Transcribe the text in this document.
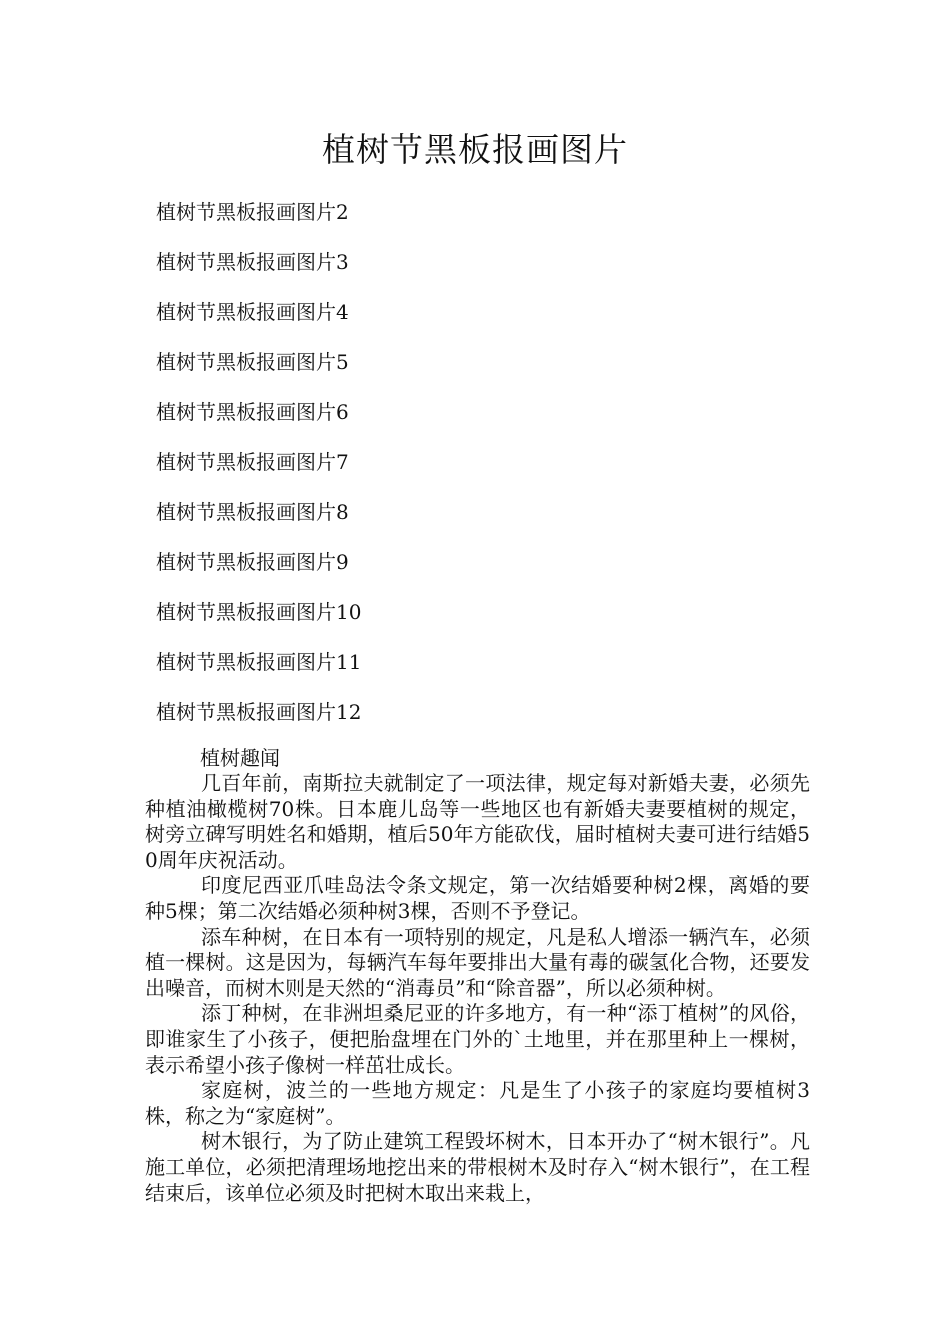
植树节黑板报画图片
植树节黑板报画图片2
植树节黑板报画图片3
植树节黑板报画图片4
植树节黑板报画图片5
植树节黑板报画图片6
植树节黑板报画图片7
植树节黑板报画图片8
植树节黑板报画图片9
植树节黑板报画图片10
植树节黑板报画图片11
植树节黑板报画图片12
植树趣闻

几百年前，南斯拉夫就制定了一项法律，规定每对新婚夫妻，必须先种植油橄榄树70株。日本鹿儿岛等一些地区也有新婚夫妻要植树的规定，树旁立碑写明姓名和婚期，植后50年方能砍伐，届时植树夫妻可进行结婚50周年庆祝活动。

印度尼西亚爪哇岛法令条文规定，第一次结婚要种树2棵，离婚的要种5棵；第二次结婚必须种树3棵，否则不予登记。

添车种树，在日本有一项特别的规定，凡是私人增添一辆汽车，必须植一棵树。这是因为，每辆汽车每年要排出大量有毒的碳氢化合物，还要发出噪音，而树木则是天然的“消毒员”和“除音器”，所以必须种树。

添丁种树，在非洲坦桑尼亚的许多地方，有一种“添丁植树”的风俗，即谁家生了小孩子，便把胎盘埋在门外的`土地里，并在那里种上一棵树，表示希望小孩子像树一样茁壮成长。

家庭树，波兰的一些地方规定：凡是生了小孩子的家庭均要植树3株，称之为“家庭树”。

树木银行，为了防止建筑工程毁坏树木，日本开办了“树木银行”。凡施工单位，必须把清理场地挖出来的带根树木及时存入“树木银行”，在工程结束后，该单位必须及时把树木取出来栽上，
